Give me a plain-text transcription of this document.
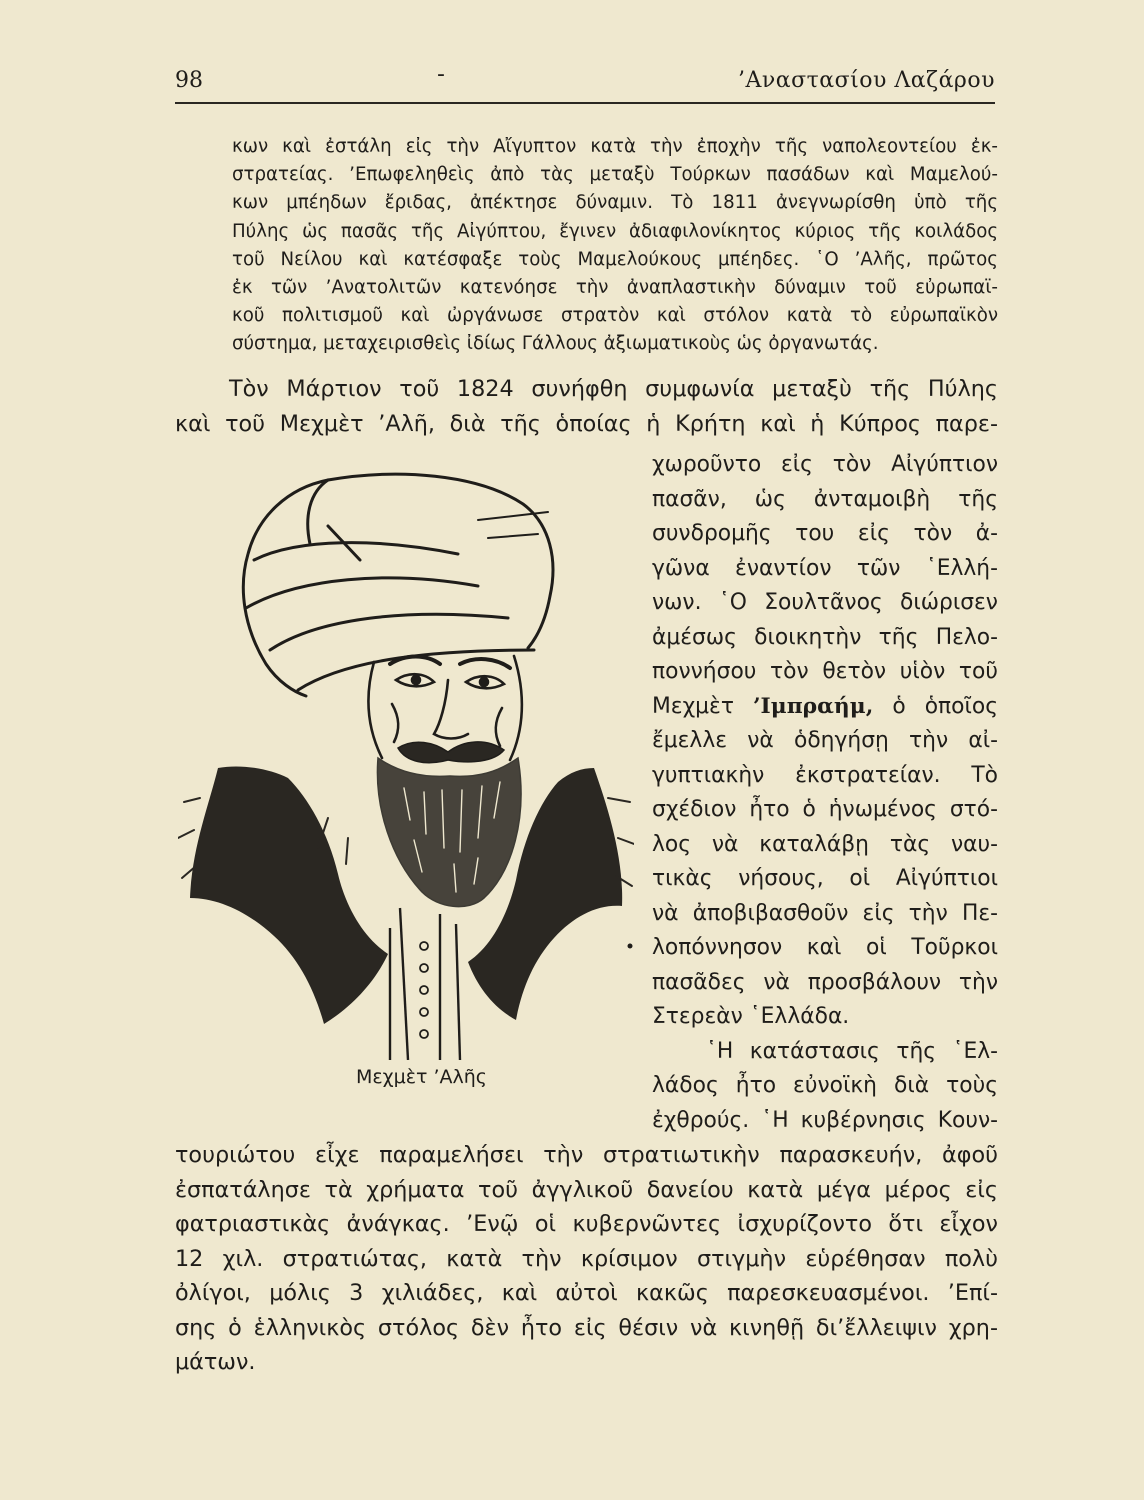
98	-	’Αναστασίου Λαζάρου
κων καὶ ἐστάλη εἰς τὴν Αἴγυπτον κατὰ τὴν ἐποχὴν τῆς ναπολεοντείου ἐκ-
στρατείας. ’Επωφεληθεὶς ἀπὸ τὰς μεταξὺ Τούρκων πασάδων καὶ Μαμελού-
κων μπέηδων ἔριδας, ἀπέκτησε δύναμιν. Τὸ 1811 ἀνεγνωρίσθη ὑπὸ τῆς
Πύλης ὡς πασᾶς τῆς Αἰγύπτου, ἔγινεν ἀδιαφιλονίκητος κύριος τῆς κοιλάδος
τοῦ Νείλου καὶ κατέσφαξε τοὺς Μαμελούκους μπέηδες. ῾Ο ’Αλῆς, πρῶτος
ἐκ τῶν ’Ανατολιτῶν κατενόησε τὴν ἀναπλαστικὴν δύναμιν τοῦ εὐρωπαϊ-
κοῦ πολιτισμοῦ καὶ ὠργάνωσε στρατὸν καὶ στόλον κατὰ τὸ εὐρωπαϊκὸν
σύστημα, μεταχειρισθεὶς ἰδίως Γάλλους ἀξιωματικοὺς ὡς ὀργανωτάς.
Τὸν Μάρτιον τοῦ 1824 συνήφθη συμφωνία μεταξὺ τῆς Πύλης
καὶ τοῦ Μεχμὲτ ’Αλῆ, διὰ τῆς ὁποίας ἡ Κρήτη καὶ ἡ Κύπρος παρε-
χωροῦντο εἰς τὸν Αἰγύπτιον
πασᾶν, ὡς ἀνταμοιβὴ τῆς
συνδρομῆς του εἰς τὸν ἀ-
γῶνα ἐναντίον τῶν ῾Ελλή-
νων. ῾Ο Σουλτᾶνος διώρισεν
ἀμέσως διοικητὴν τῆς Πελο-
ποννήσου τὸν θετὸν υἱὸν τοῦ
Μεχμὲτ ’Ιμπραήμ, ὁ ὁποῖος
ἔμελλε νὰ ὁδηγήσῃ τὴν αἰ-
γυπτιακὴν ἐκστρατείαν. Τὸ
σχέδιον ἦτο ὁ ἡνωμένος στό-
λος νὰ καταλάβῃ τὰς ναυ-
τικὰς νήσους, οἱ Αἰγύπτιοι
νὰ ἀποβιβασθοῦν εἰς τὴν Πε-
λοπόννησον καὶ οἱ Τοῦρκοι
πασᾶδες νὰ προσβάλουν τὴν
Στερεὰν ῾Ελλάδα.
῾Η κατάστασις τῆς ῾Ελ-
λάδος ἦτο εὐνοϊκὴ διὰ τοὺς
ἐχθρούς. ῾Η κυβέρνησις Κουν-
τουριώτου εἶχε παραμελήσει τὴν στρατιωτικὴν παρασκευήν, ἀφοῦ
ἐσπατάλησε τὰ χρήματα τοῦ ἀγγλικοῦ δανείου κατὰ μέγα μέρος εἰς
φατριαστικὰς ἀνάγκας. ’Ενῷ οἱ κυβερνῶντες ἰσχυρίζοντο ὅτι εἶχον
12 χιλ. στρατιώτας, κατὰ τὴν κρίσιμον στιγμὴν εὑρέθησαν πολὺ
ὀλίγοι, μόλις 3 χιλιάδες, καὶ αὐτοὶ κακῶς παρεσκευασμένοι. ’Επί-
σης ὁ ἑλληνικὸς στόλος δὲν ἦτο εἰς θέσιν νὰ κινηθῇ δι’ἔλλειψιν χρη-
μάτων.
Μεχμὲτ ’Αλῆς
